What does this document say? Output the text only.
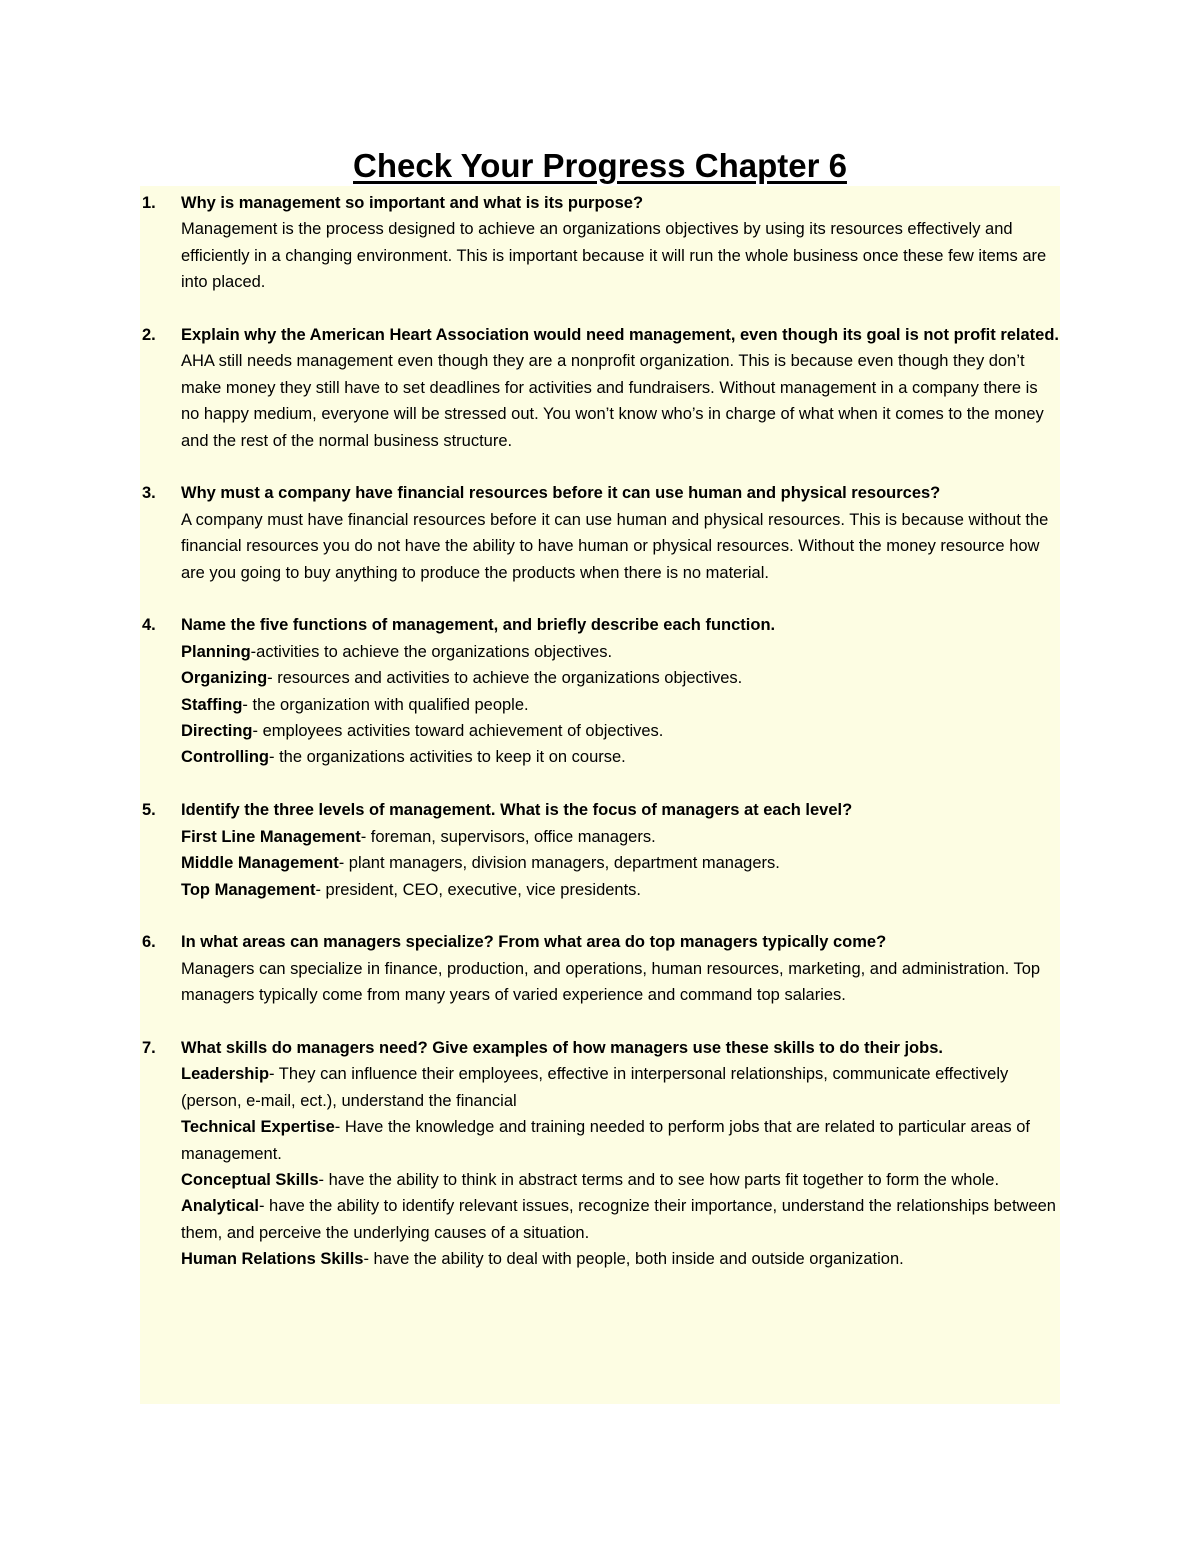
Check Your Progress Chapter 6
1. Why is management so important and what is its purpose?

Management is the process designed to achieve an organizations objectives by using its resources effectively and efficiently in a changing environment. This is important because it will run the whole business once these few items are into placed.

2. Explain why the American Heart Association would need management, even though its goal is not profit related.

AHA still needs management even though they are a nonprofit organization. This is because even though they don’t make money they still have to set deadlines for activities and fundraisers. Without management in a company there is no happy medium, everyone will be stressed out. You won’t know who’s in charge of what when it comes to the money and the rest of the normal business structure.

3. Why must a company have financial resources before it can use human and physical resources?

A company must have financial resources before it can use human and physical resources. This is because without the financial resources you do not have the ability to have human or physical resources. Without the money resource how are you going to buy anything to produce the products when there is no material.

4. Name the five functions of management, and briefly describe each function.

Planning-activities to achieve the organizations objectives.

Organizing- resources and activities to achieve the organizations objectives.

Staffing- the organization with qualified people.

Directing- employees activities toward achievement of objectives.

Controlling- the organizations activities to keep it on course.

5. Identify the three levels of management. What is the focus of managers at each level?

First Line Management- foreman, supervisors, office managers.

Middle Management- plant managers, division managers, department managers.

Top Management- president, CEO, executive, vice presidents.

6. In what areas can managers specialize? From what area do top managers typically come?

Managers can specialize in finance, production, and operations, human resources, marketing, and administration. Top managers typically come from many years of varied experience and command top salaries.

7. What skills do managers need? Give examples of how managers use these skills to do their jobs.

Leadership- They can influence their employees, effective in interpersonal relationships, communicate effectively (person, e-mail, ect.), understand the financial

Technical Expertise- Have the knowledge and training needed to perform jobs that are related to particular areas of management.

Conceptual Skills- have the ability to think in abstract terms and to see how parts fit together to form the whole.

Analytical- have the ability to identify relevant issues, recognize their importance, understand the relationships between them, and perceive the underlying causes of a situation.

Human Relations Skills- have the ability to deal with people, both inside and outside organization.
